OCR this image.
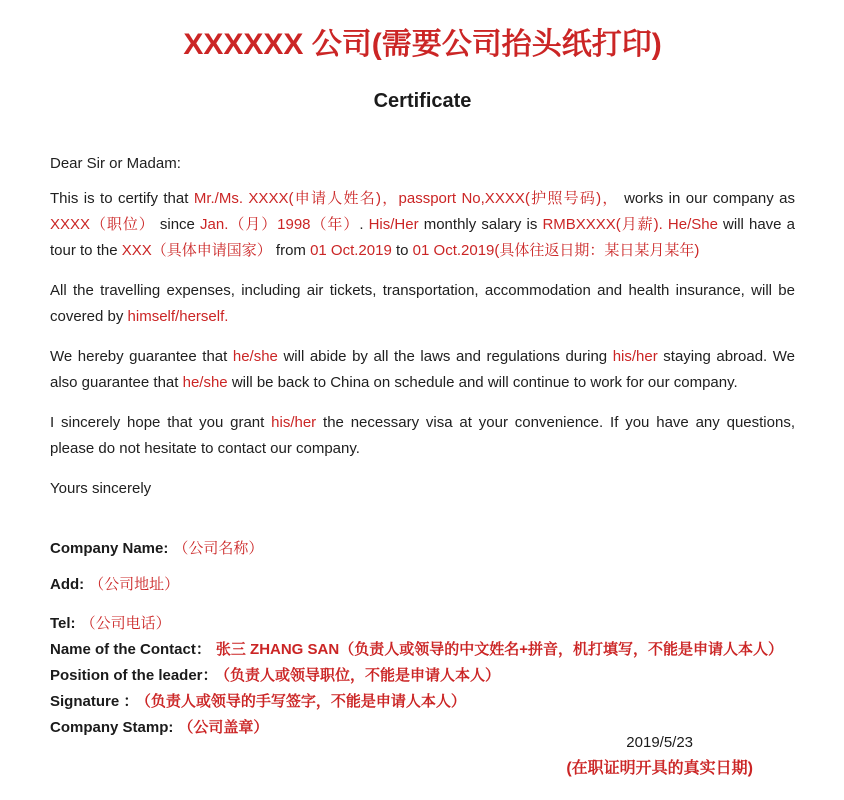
XXXXXX 公司(需要公司抬头纸打印)
Certificate

Dear Sir or Madam:

This is to certify that Mr./Ms. XXXX(申请人姓名)，passport No,XXXX(护照号码)， works in our company as XXXX（职位） since Jan.（月）1998（年）. His/Her monthly salary is RMBXXXX(月薪). He/She will have a tour to the XXX（具体申请国家） from 01 Oct.2019 to 01 Oct.2019(具体往返日期：某日某月某年)

All the travelling expenses, including air tickets, transportation, accommodation and health insurance, will be covered by himself/herself.

We hereby guarantee that he/she will abide by all the laws and regulations during his/her staying abroad. We also guarantee that he/she will be back to China on schedule and will continue to work for our company.

I sincerely hope that you grant his/her the necessary visa at your convenience. If you have any questions, please do not hesitate to contact our company.

Yours sincerely

Company Name: （公司名称）

Add: （公司地址）

Tel: （公司电话）

Name of the Contact： 张三 ZHANG SAN（负责人或领导的中文姓名+拼音，机打填写，不能是申请人本人）

Position of the leader： （负责人或领导职位，不能是申请人本人）

Signature ： （负责人或领导的手写签字，不能是申请人本人）

Company Stamp: （公司盖章）

2019/5/23
(在职证明开具的真实日期)
